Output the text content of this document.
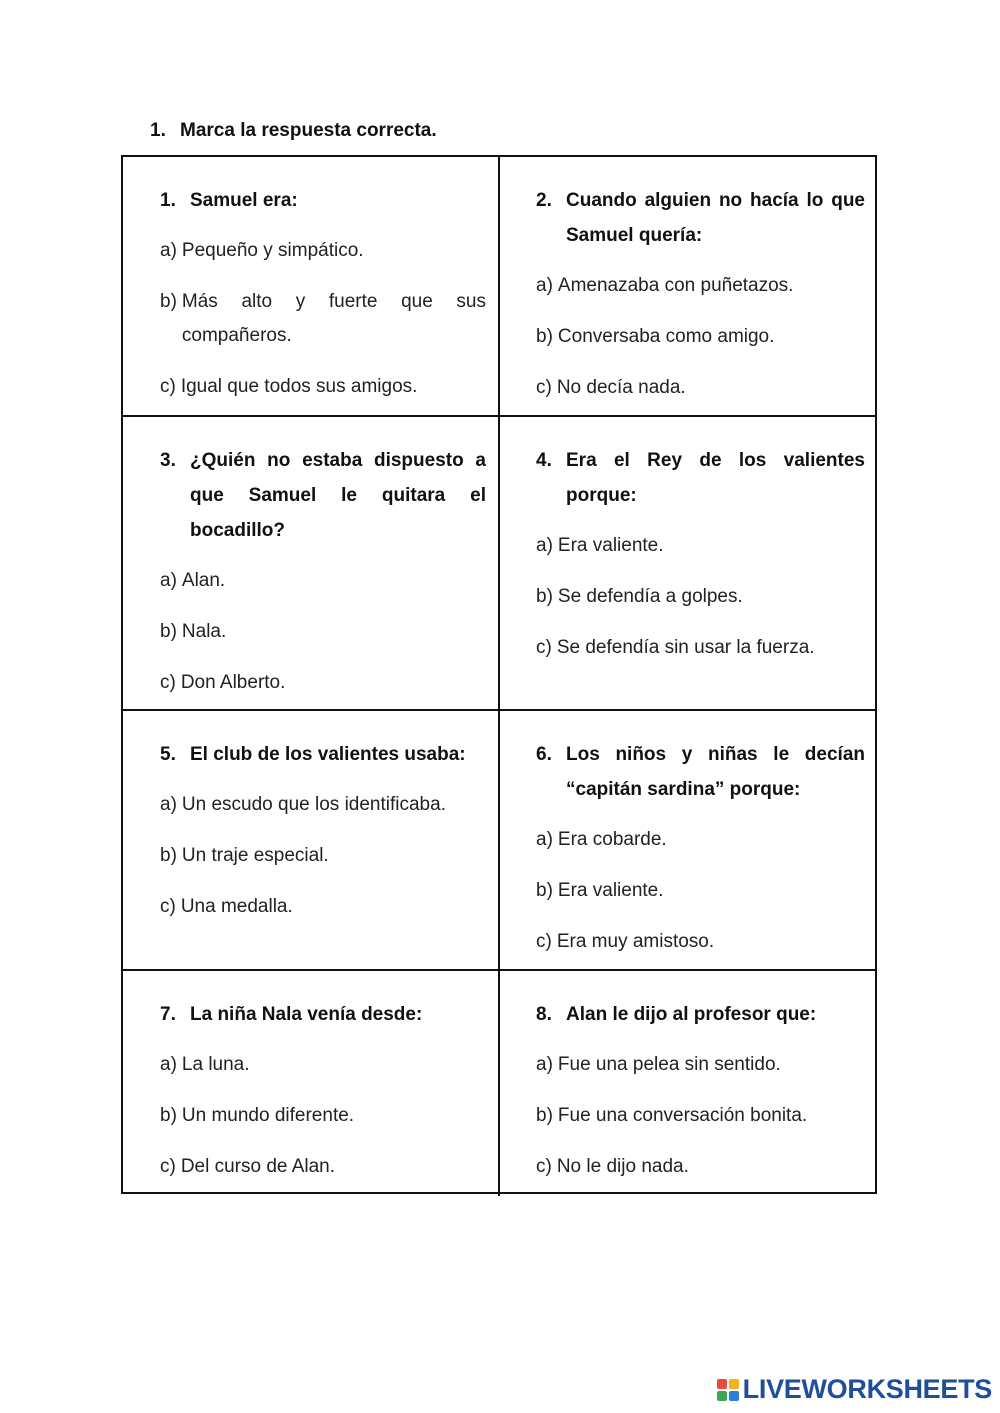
1. Marca la respuesta correcta.
1. Samuel era:
a) Pequeño y simpático.
b) Más alto y fuerte que sus compañeros.
c) Igual que todos sus amigos.
2. Cuando alguien no hacía lo que Samuel quería:
a) Amenazaba con puñetazos.
b) Conversaba como amigo.
c) No decía nada.
3. ¿Quién no estaba dispuesto a que Samuel le quitara el bocadillo?
a) Alan.
b) Nala.
c) Don Alberto.
4. Era el Rey de los valientes porque:
a) Era valiente.
b) Se defendía a golpes.
c) Se defendía sin usar la fuerza.
5. El club de los valientes usaba:
a) Un escudo que los identificaba.
b) Un traje especial.
c) Una medalla.
6. Los niños y niñas le decían “capitán sardina” porque:
a) Era cobarde.
b) Era valiente.
c) Era muy amistoso.
7. La niña Nala venía desde:
a) La luna.
b) Un mundo diferente.
c) Del curso de Alan.
8. Alan le dijo al profesor que:
a) Fue una pelea sin sentido.
b) Fue una conversación bonita.
c) No le dijo nada.
LIVEWORKSHEETS
